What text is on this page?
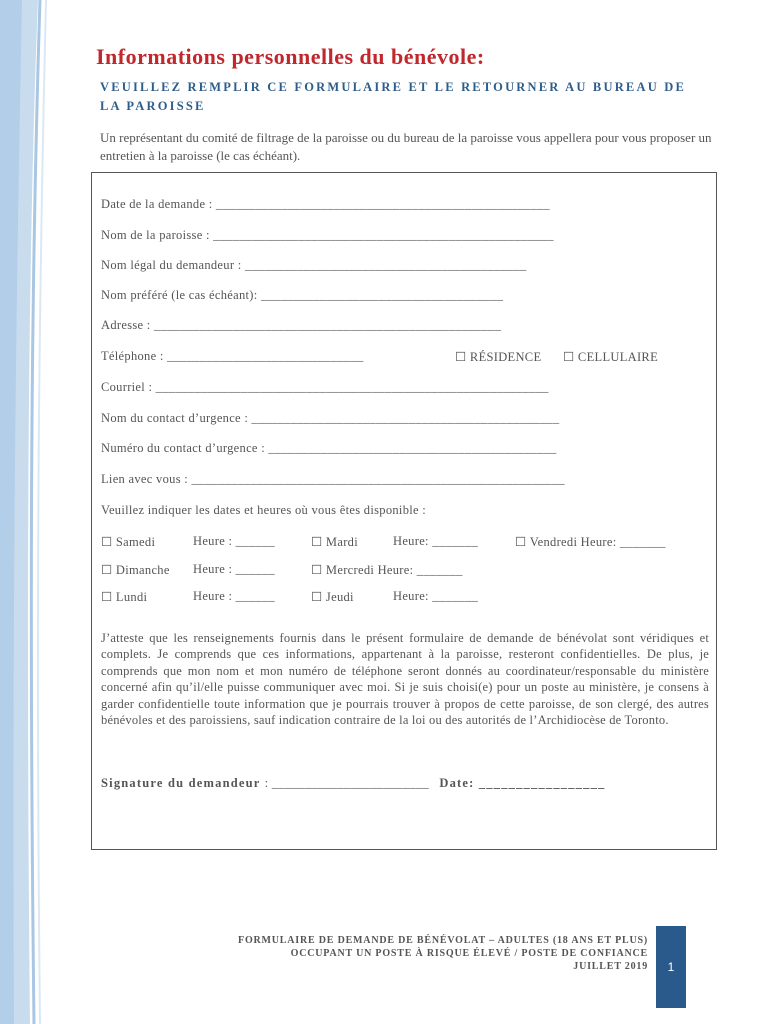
Informations personnelles du bénévole:
VEUILLEZ REMPLIR CE FORMULAIRE ET LE RETOURNER AU BUREAU DE LA PAROISSE
Un représentant du comité de filtrage de la paroisse ou du bureau de la paroisse vous appellera pour vous proposer un entretien à la paroisse (le cas échéant).
Date de la demande : ___________________________________________________
Nom de la paroisse : ____________________________________________________
Nom légal du demandeur : ___________________________________________
Nom préféré (le cas échéant): _____________________________________
Adresse : _____________________________________________________
Téléphone : ______________________________	☐ RÉSIDENCE ☐ CELLULAIRE
Courriel : ____________________________________________________________
Nom du contact d’urgence : _______________________________________________
Numéro du contact d’urgence : ____________________________________________
Lien avec vous : _________________________________________________________
Veuillez indiquer les dates et heures où vous êtes disponible :
☐ Samedi	Heure : ______	☐ Mardi	Heure: _______	☐ Vendredi Heure: _______
☐ Dimanche Heure : ______	☐ Mercredi Heure: _______
☐ Lundi	Heure : ______	☐ Jeudi	Heure: _______
J’atteste que les renseignements fournis dans le présent formulaire de demande de bénévolat sont véridiques et complets. Je comprends que ces informations, appartenant à la paroisse, resteront confidentielles. De plus, je comprends que mon nom et mon numéro de téléphone seront donnés au coordinateur/responsable du ministère concerné afin qu’il/elle puisse communiquer avec moi. Si je suis choisi(e) pour un poste au ministère, je consens à garder confidentielle toute information que je pourrais trouver à propos de cette paroisse, de son clergé, des autres bénévoles et des paroissiens, sauf indication contraire de la loi ou des autorités de l’Archidiocèse de Toronto.
Signature du demandeur : ________________________ Date: _________________
FORMULAIRE DE DEMANDE DE BÉNÉVOLAT – ADULTES (18 ANS ET PLUS)
OCCUPANT UN POSTE À RISQUE ÉLEVÉ / POSTE DE CONFIANCE
JUILLET 2019	1
